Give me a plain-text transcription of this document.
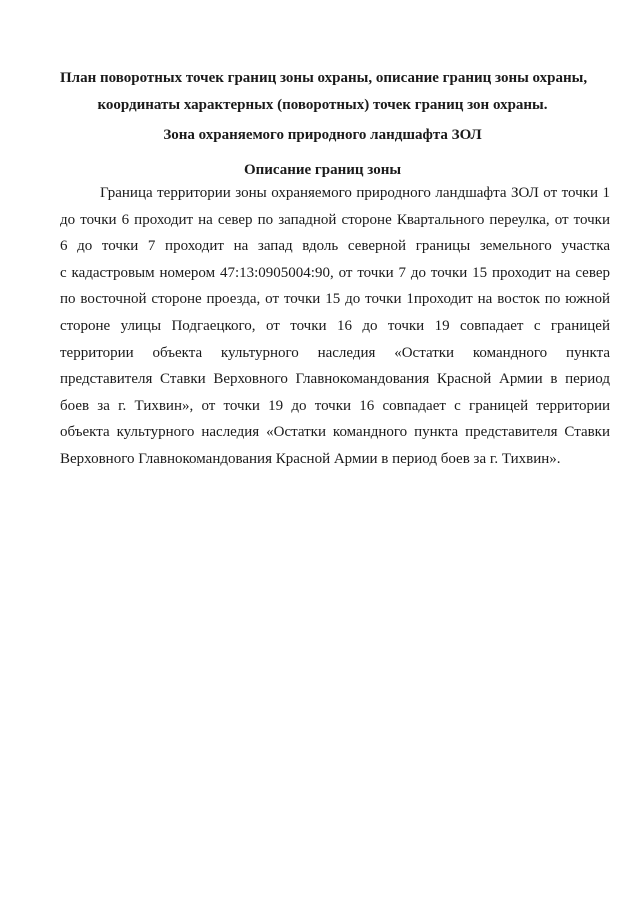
План поворотных точек границ зоны охраны, описание границ зоны охраны,
координаты характерных (поворотных) точек границ зон охраны.
Зона охраняемого природного ландшафта ЗОЛ
Описание границ зоны
Граница территории зоны охраняемого природного ландшафта ЗОЛ от точки 1
до точки 6 проходит на север по западной стороне Квартального переулка, от точки
6 до точки 7 проходит на запад вдоль северной границы земельного участка
с кадастровым номером 47:13:0905004:90, от точки 7 до точки 15 проходит на север
по восточной стороне проезда, от точки 15 до точки 1проходит на восток по южной
стороне улицы Подгаецкого, от точки 16 до точки 19 совпадает с границей
территории объекта культурного наследия «Остатки командного пункта
представителя Ставки Верховного Главнокомандования Красной Армии в период
боев за г. Тихвин», от точки 19 до точки 16 совпадает с границей территории
объекта культурного наследия «Остатки командного пункта представителя Ставки
Верховного Главнокомандования Красной Армии в период боев за г. Тихвин».
